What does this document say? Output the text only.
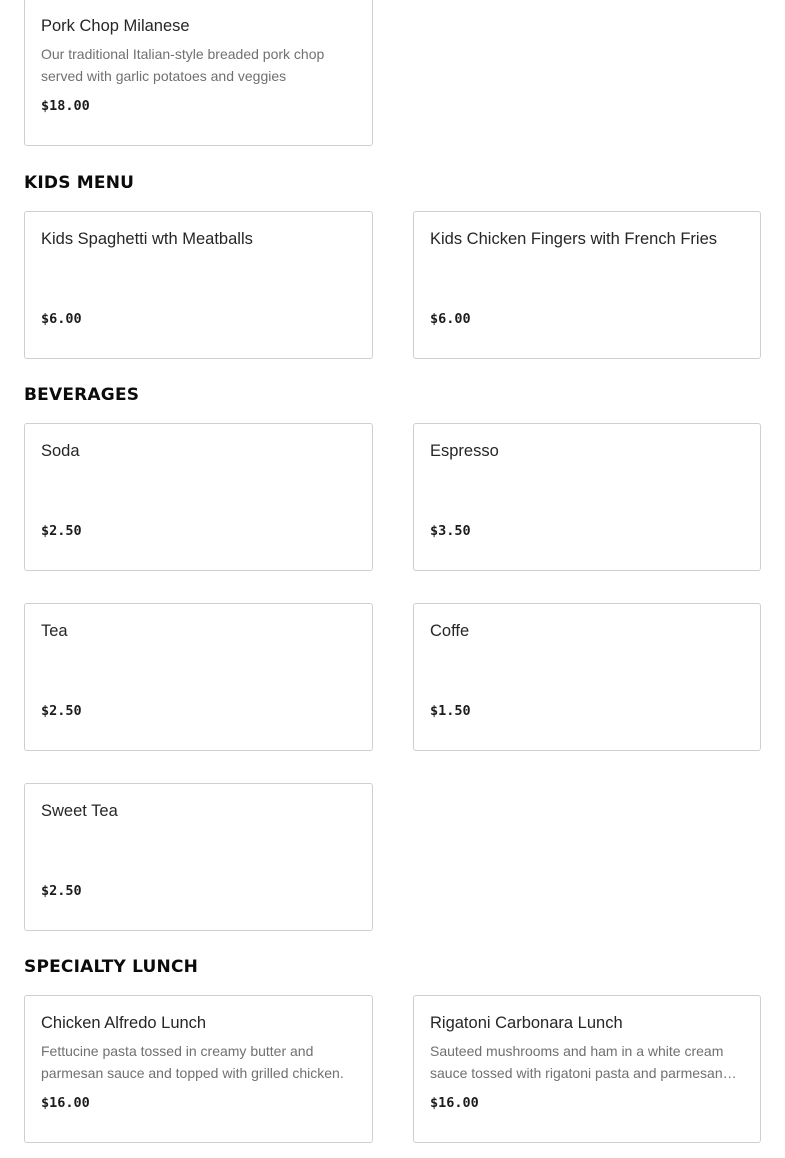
Pork Chop Milanese
Our traditional Italian-style breaded pork chop served with garlic potatoes and veggies
$18.00
KIDS MENU
Kids Spaghetti wth Meatballs
$6.00
Kids Chicken Fingers with French Fries
$6.00
BEVERAGES
Soda
$2.50
Espresso
$3.50
Tea
$2.50
Coffe
$1.50
Sweet Tea
$2.50
SPECIALTY LUNCH
Chicken Alfredo Lunch
Fettucine pasta tossed in creamy butter and parmesan sauce and topped with grilled chicken.
$16.00
Rigatoni Carbonara Lunch
Sauteed mushrooms and ham in a white cream sauce tossed with rigatoni pasta and parmesan
$16.00
